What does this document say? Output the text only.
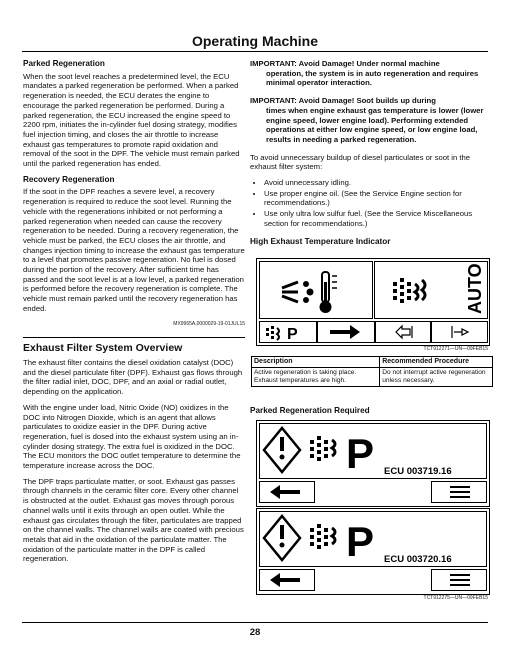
Operating Machine
Parked Regeneration

When the soot level reaches a predetermined level, the ECU mandates a parked regeneration be performed. When a parked regeneration is needed, the ECU derates the engine to encourage the parked regeneration be performed. During a parked regeneration, the ECU increased the engine speed to 2200 rpm, initiates the in-cylinder fuel dosing strategy, modifies fuel injection timing, and closes the air throttle to increase exhaust gas temperatures to promote rapid oxidation and removal of the soot in the DPF. The vehicle must remain parked until the parked regeneration has ended.

Recovery Regeneration

If the soot in the DPF reaches a severe level, a recovery regeneration is required to reduce the soot level. Running the vehicle with the regenerations inhibited or not performing a parked regeneration when needed can cause the recovery regeneration to be needed. During a recovery regeneration, the vehicle must be parked, the ECU closes the air throttle, and changes injection timing to increase the exhaust gas temperature to a level that promotes passive regeneration. No fuel is dosed during the portion of the recovery. After sufficient time has passed and the soot level is at a low level, a parked regeneration is performed before the recovery regeneration is complete. The vehicle must remain parked until the recovery regeneration has ended.

MX9965A,0000029-19-01JUL15
Exhaust Filter System Overview

The exhaust filter contains the diesel oxidation catalyst (DOC) and the diesel particulate filter (DPF). Exhaust gas flows through the filter radial inlet, DOC, DPF, and an axial or radial outlet, depending on the application.

With the engine under load, Nitric Oxide (NO) oxidizes in the DOC into Nitrogen Dioxide, which is an agent that allows particulates to oxidize easier in the DPF. During active regeneration, fuel is dosed into the exhaust system using an in-cylinder dosing strategy. The extra fuel is oxidized in the DOC. The ECU monitors the DOC outlet temperature to determine the temperature increase across the DOC.

The DPF traps particulate matter, or soot. Exhaust gas passes through channels in the ceramic filter core. Every other channel is obstructed at the outlet. Exhaust gas moves through porous channel walls until it exits through an open outlet. While the exhaust gas circulates through the filter, particulates are trapped on the channel walls. The channel walls are coated with precious metals that aid in the oxidation of the particulate matter. The oxidation of the particulate matter in the DPF is called regeneration.

IMPORTANT: Avoid Damage! Under normal machine
operation, the system is in auto regeneration and requires minimal operator interaction.
IMPORTANT: Avoid Damage! Soot builds up during
times when engine exhaust gas temperature is lower (lower engine speed, lower engine load). Performing extended operations at either low engine speed, or low engine load, results in needing a parked regeneration.

To avoid unnecessary buildup of diesel particulates or soot in the exhaust filter system:

• Avoid unnecessary idling.
• Use proper engine oil. (See the Service Engine section for recommendations.)
• Use only ultra low sulfur fuel. (See the Service Miscellaneous section for recommendations.)
High Exhaust Temperature Indicator
AUTO
P
TCT912271—UN—09FEB15
Description	Recommended Procedure
Active regeneration is taking place. Exhaust temperatures are high.	Do not interrupt active regeneration unless necessary.
Parked Regeneration Required
P ECU 003719.16
P ECU 003720.16
TCT912275—UN—09FEB15
28
